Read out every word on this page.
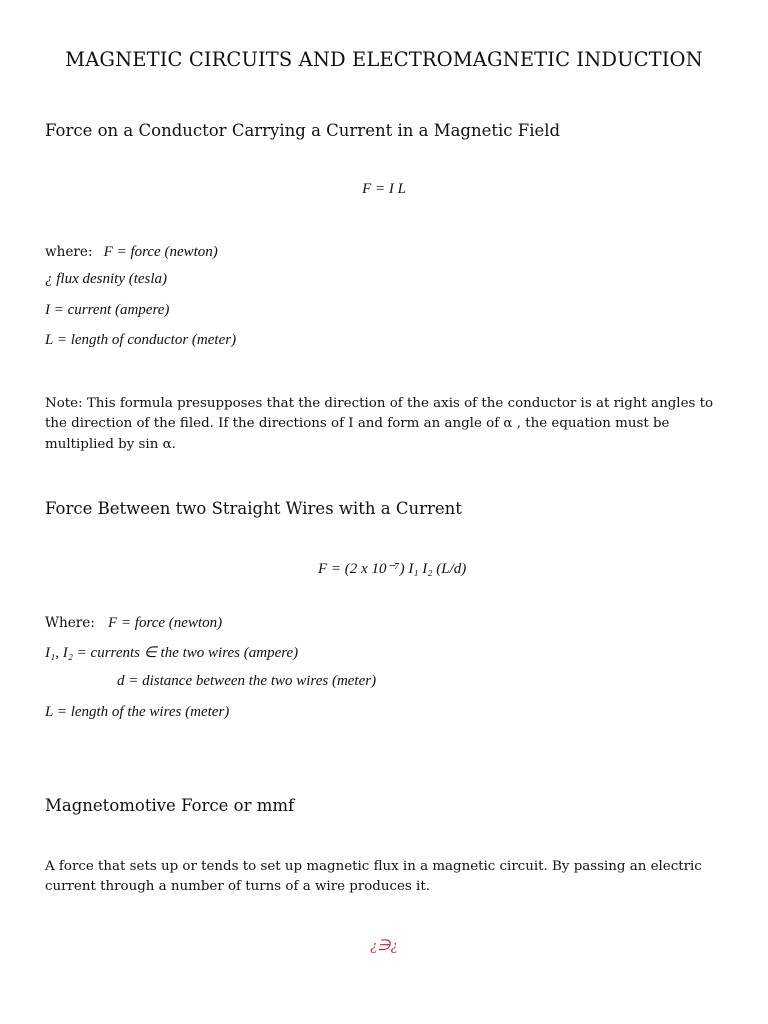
MAGNETIC CIRCUITS AND ELECTROMAGNETIC INDUCTION
Force on a Conductor Carrying a Current in a Magnetic Field
F = I L
where: F = force (newton)
¿ flux desnity (tesla)
I = current (ampere)
L = length of conductor (meter)
Note: This formula presupposes that the direction of the axis of the conductor is at right angles to the direction of the filed. If the directions of I and form an angle of α , the equation must be multiplied by sin α.
Force Between two Straight Wires with a Current
F = (2 x 10⁻⁷) I₁ I₂ (L/d)
Where: F = force (newton)
I₁, I₂ = currents ∈ the two wires (ampere)
d = distance between the two wires (meter)
L = length of the wires (meter)
Magnetomotive Force or mmf
A force that sets up or tends to set up magnetic flux in a magnetic circuit. By passing an electric current through a number of turns of a wire produces it.
¿∋¿
